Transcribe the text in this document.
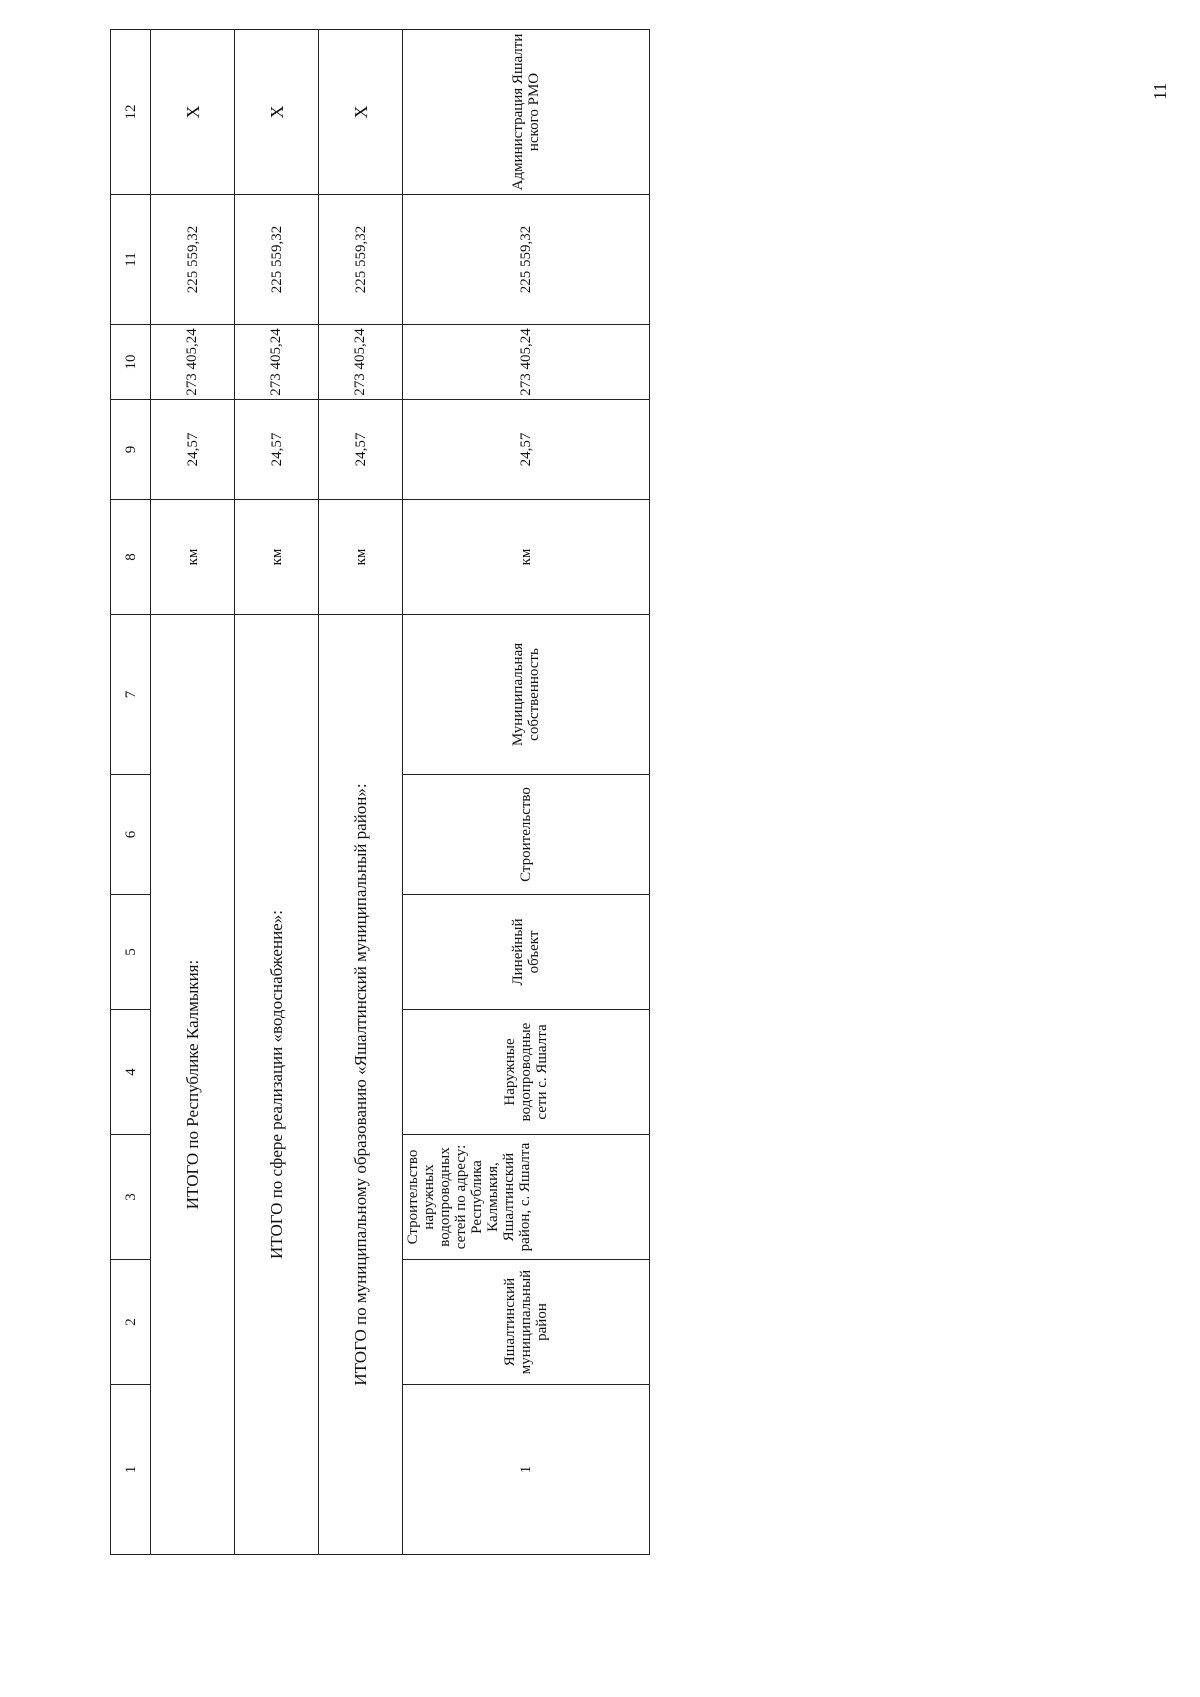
11
1	2	3	4	5	6	7	8	9	10	11	12
ИТОГО по Республике Калмыкия:							км	24,57	273 405,24	225 559,32	Х
ИТОГО по сфере реализации «водоснабжение»:							км	24,57	273 405,24	225 559,32	Х
ИТОГО по муниципальному образованию «Яшалтинский муниципальный район»:							км	24,57	273 405,24	225 559,32	Х
1	Яшалтинский муниципальный район	Строительство наружных водопроводных сетей по адресу: Республика Калмыкия, Яшалтинский район, с. Яшалта	Наружные водопроводные сети с. Яшалта	Линейный объект	Строительство	Муниципальная собственность	км	24,57	273 405,24	225 559,32	Администрация Яшалтинского РМО
